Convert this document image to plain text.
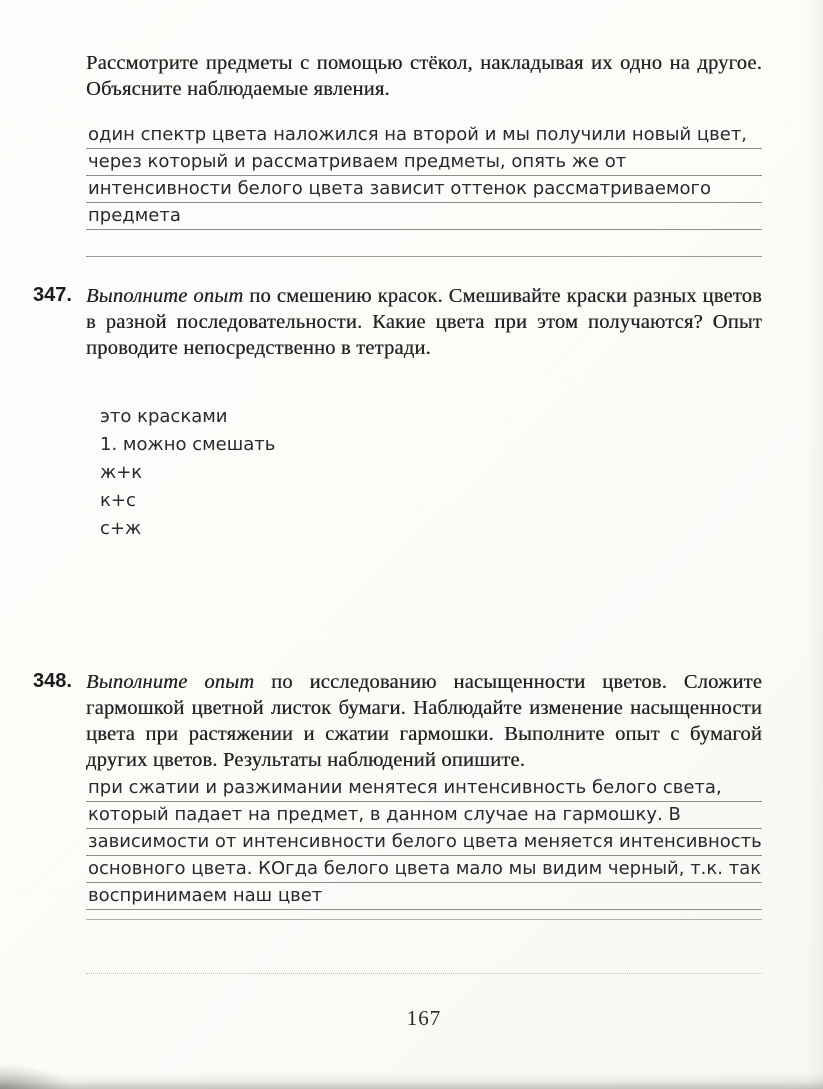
Рассмотрите предметы с помощью стёкол, накладывая их одно на другое. Объясните наблюдаемые явления.

один спектр цвета наложился на второй и мы получили новый цвет,
через который и рассматриваем предметы, опять же от
интенсивности белого цвета зависит оттенок рассматриваемого
предмета
347. Выполните опыт по смешению красок. Смешивайте краски разных цветов в разной последовательности. Какие цвета при этом получаются? Опыт проводите непосредственно в тетради.

это красками
1. можно смешать
ж+к
к+с
с+ж
348. Выполните опыт по исследованию насыщенности цветов. Сложите гармошкой цветной листок бумаги. Наблюдайте изменение насыщенности цвета при растяжении и сжатии гармошки. Выполните опыт с бумагой других цветов. Результаты наблюдений опишите.

при сжатии и разжимании менятеся интенсивность белого света,
который падает на предмет, в данном случае на гармошку. В
зависимости от интенсивности белого цвета меняется интенсивность
основного цвета. КОгда белого цвета мало мы видим черный, т.к. так
воспринимаем наш цвет
167
